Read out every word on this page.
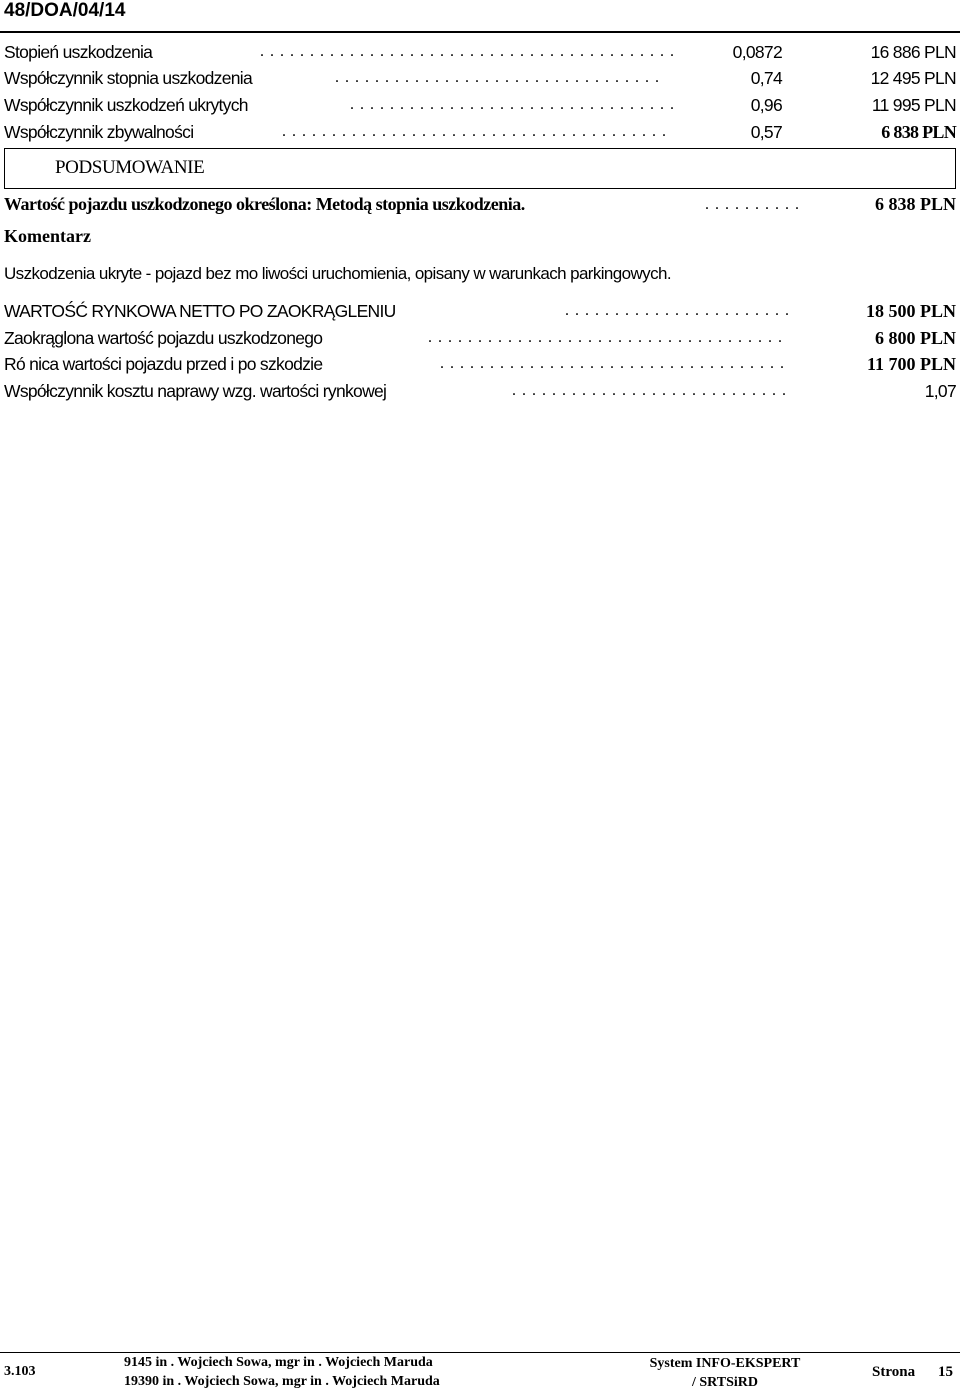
48/DOA/04/14
Stopień uszkodzenia	. . . . . . . . . . . . . . . . . . . . . . . . . . . . . . . . . . . . . . . . . .	0,0872	16 886 PLN
Współczynnik stopnia uszkodzenia	. . . . . . . . . . . . . . . . . . . . . . . . . . . . . . . . .	0,74	12 495 PLN
Współczynnik uszkodzeń ukrytych	. . . . . . . . . . . . . . . . . . . . . . . . . . . . . . . . .	0,96	11 995 PLN
Współczynnik zbywalności	. . . . . . . . . . . . . . . . . . . . . . . . . . . . . . . . . . . . . . .	0,57	6 838 PLN
PODSUMOWANIE
Wartość pojazdu uszkodzonego określona: Metodą stopnia uszkodzenia.	. . . . . . . . . .	6 838 PLN
Komentarz
Uszkodzenia ukryte - pojazd bez mo liwości uruchomienia, opisany w warunkach parkingowych.
WARTOŚĆ RYNKOWA NETTO PO ZAOKRĄGLENIU	. . . . . . . . . . . . . . . . . . . . . . .	18 500 PLN
Zaokrąglona wartość pojazdu uszkodzonego	. . . . . . . . . . . . . . . . . . . . . . . . . . . . . . . . . . . .	6 800 PLN
Ró nica wartości pojazdu przed i po szkodzie	. . . . . . . . . . . . . . . . . . . . . . . . . . . . . . . . . . .	11 700 PLN
Współczynnik kosztu naprawy wzg. wartości rynkowej	. . . . . . . . . . . . . . . . . . . . . . . . . . . .	1,07
3.103
9145 in . Wojciech Sowa, mgr in . Wojciech Maruda
19390 in . Wojciech Sowa, mgr in . Wojciech Maruda
System INFO-EKSPERT
/ SRTSiRD
Strona 15
